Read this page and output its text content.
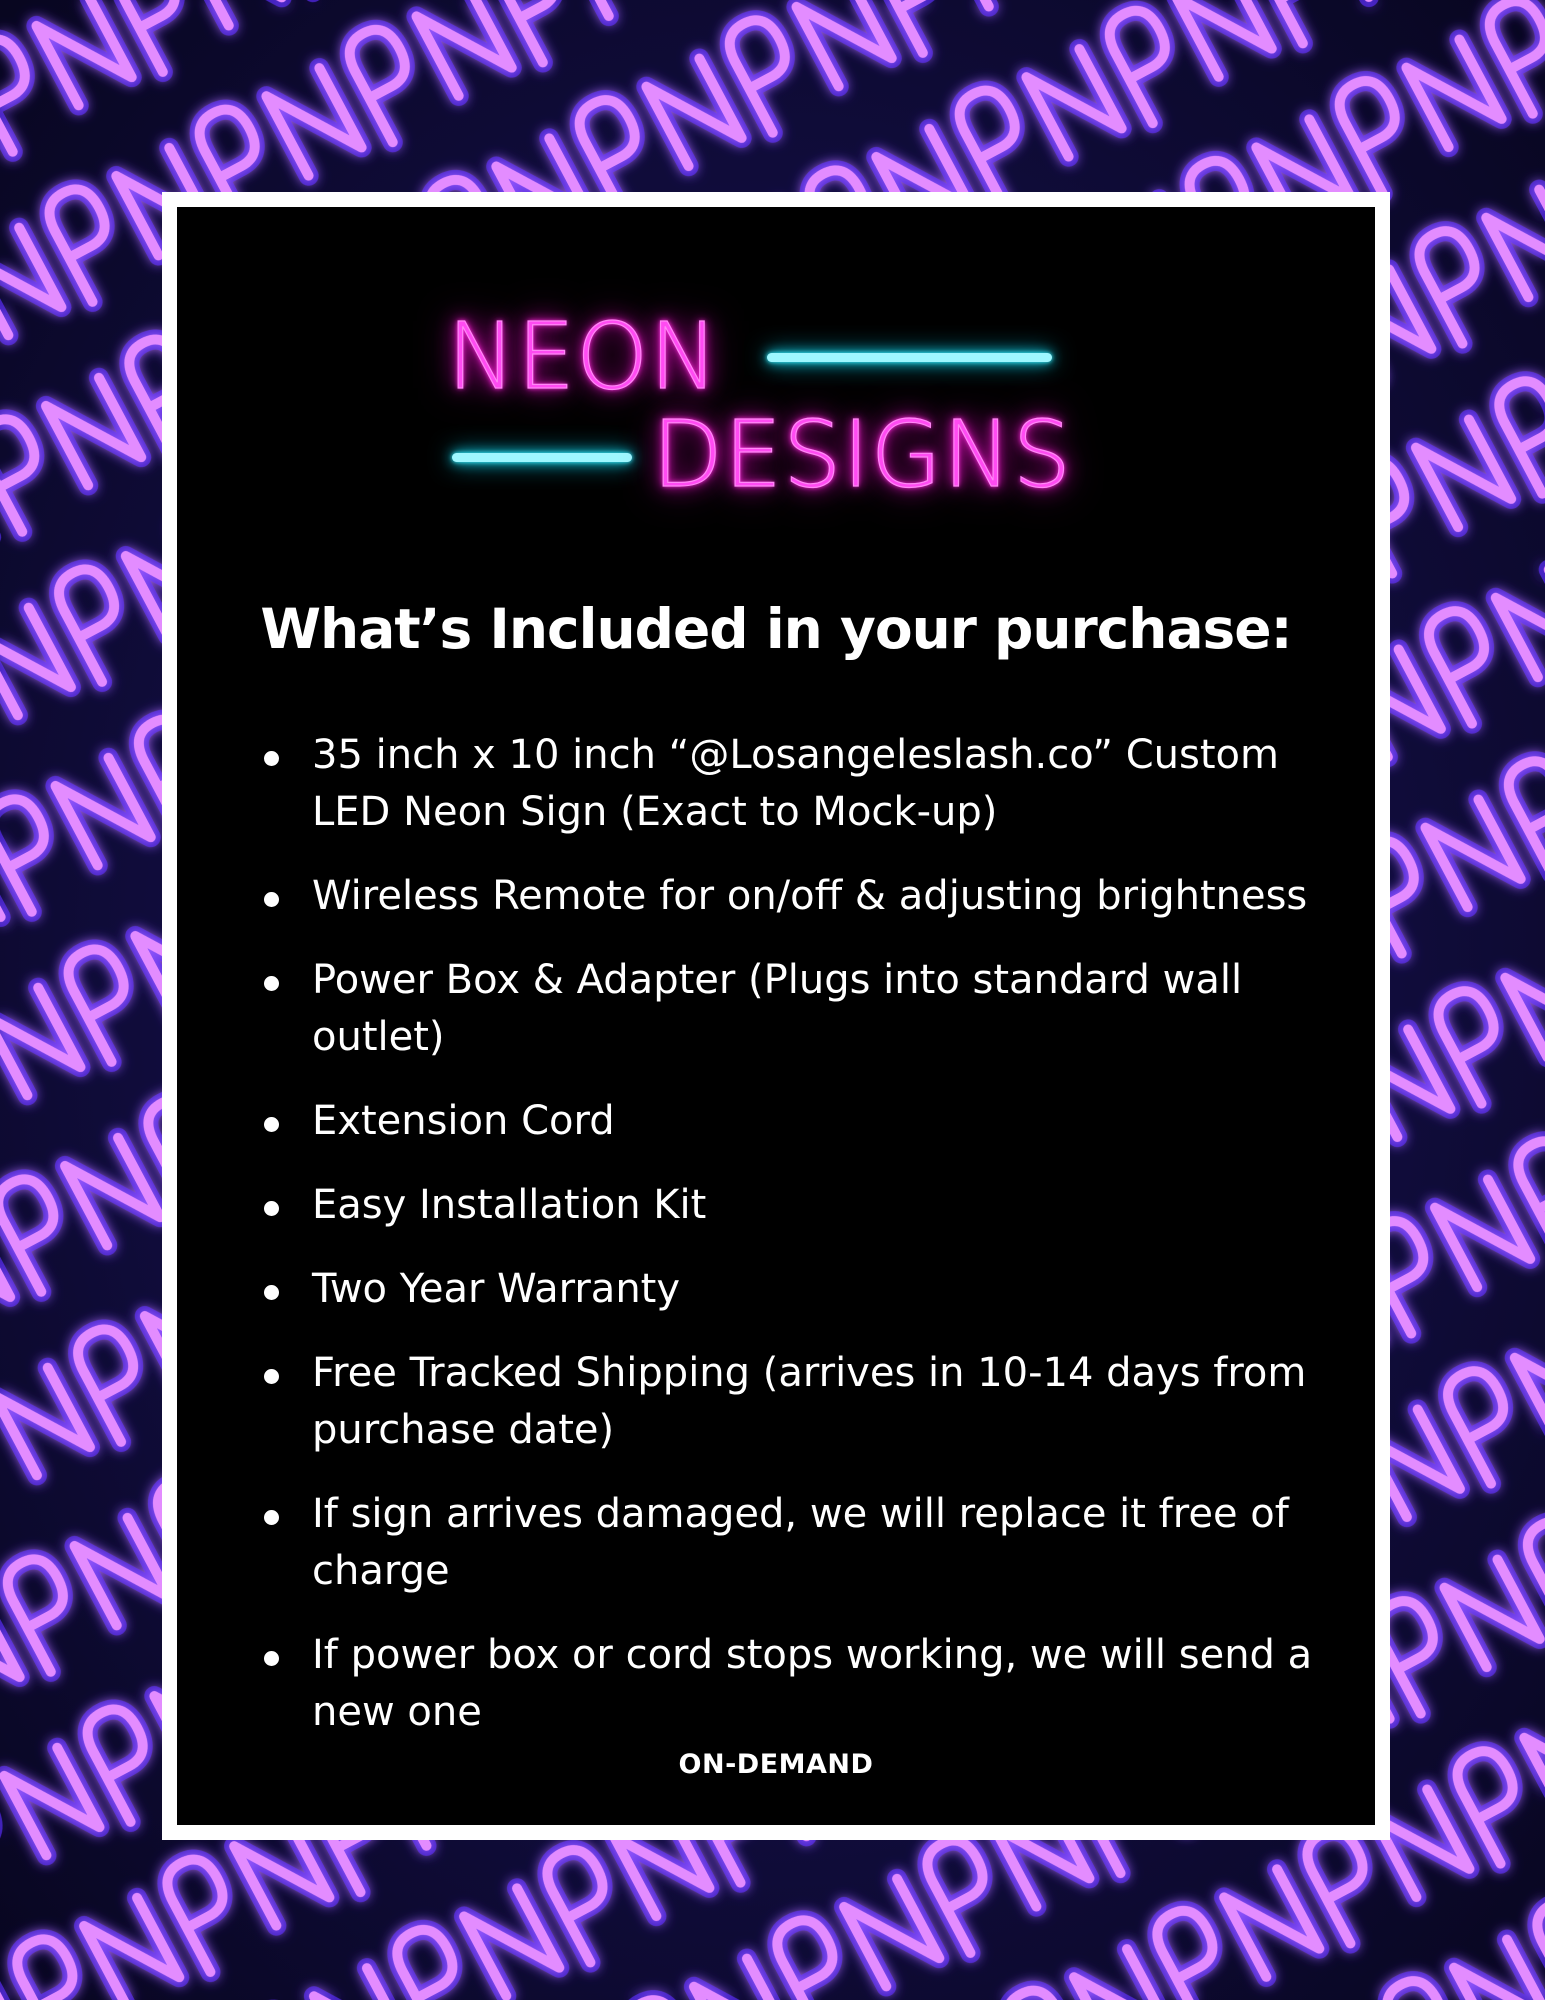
NEON
DESIGNS
What’s Included in your purchase:
35 inch x 10 inch “@Losangeleslash.co” Custom LED Neon Sign (Exact to Mock-up)
Wireless Remote for on/off & adjusting brightness
Power Box & Adapter (Plugs into standard wall outlet)
Extension Cord
Easy Installation Kit
Two Year Warranty
Free Tracked Shipping (arrives in 10-14 days from purchase date)
If sign arrives damaged, we will replace it free of charge
If power box or cord stops working, we will send a new one
ON-DEMAND
